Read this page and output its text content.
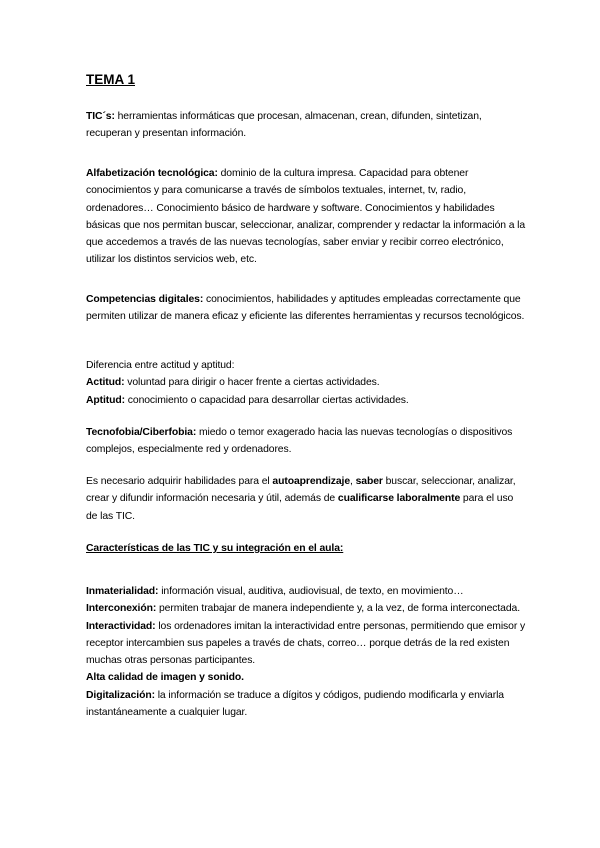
TEMA 1

TIC´s: herramientas informáticas que procesan, almacenan, crean, difunden, sintetizan, recuperan y presentan información.

Alfabetización tecnológica: dominio de la cultura impresa. Capacidad para obtener conocimientos y para comunicarse a través de símbolos textuales, internet, tv, radio, ordenadores… Conocimiento básico de hardware y software. Conocimientos y habilidades básicas que nos permitan buscar, seleccionar, analizar, comprender y redactar la información a la que accedemos a través de las nuevas tecnologías, saber enviar y recibir correo electrónico, utilizar los distintos servicios web, etc.

Competencias digitales: conocimientos, habilidades y aptitudes empleadas correctamente que permiten utilizar de manera eficaz y eficiente las diferentes herramientas y recursos tecnológicos.

Diferencia entre actitud y aptitud:

Actitud: voluntad para dirigir o hacer frente a ciertas actividades.

Aptitud: conocimiento o capacidad para desarrollar ciertas actividades.

Tecnofobia/Ciberfobia: miedo o temor exagerado hacia las nuevas tecnologías o dispositivos complejos, especialmente red y ordenadores.

Es necesario adquirir habilidades para el autoaprendizaje, saber buscar, seleccionar, analizar, crear y difundir información necesaria y útil, además de cualificarse laboralmente para el uso de las TIC.

Características de las TIC y su integración en el aula:

Inmaterialidad: información visual, auditiva, audiovisual, de texto, en movimiento…

Interconexión: permiten trabajar de manera independiente y, a la vez, de forma interconectada.

Interactividad: los ordenadores imitan la interactividad entre personas, permitiendo que emisor y receptor intercambien sus papeles a través de chats, correo… porque detrás de la red existen muchas otras personas participantes.

Alta calidad de imagen y sonido.

Digitalización: la información se traduce a dígitos y códigos, pudiendo modificarla y enviarla instantáneamente a cualquier lugar.
